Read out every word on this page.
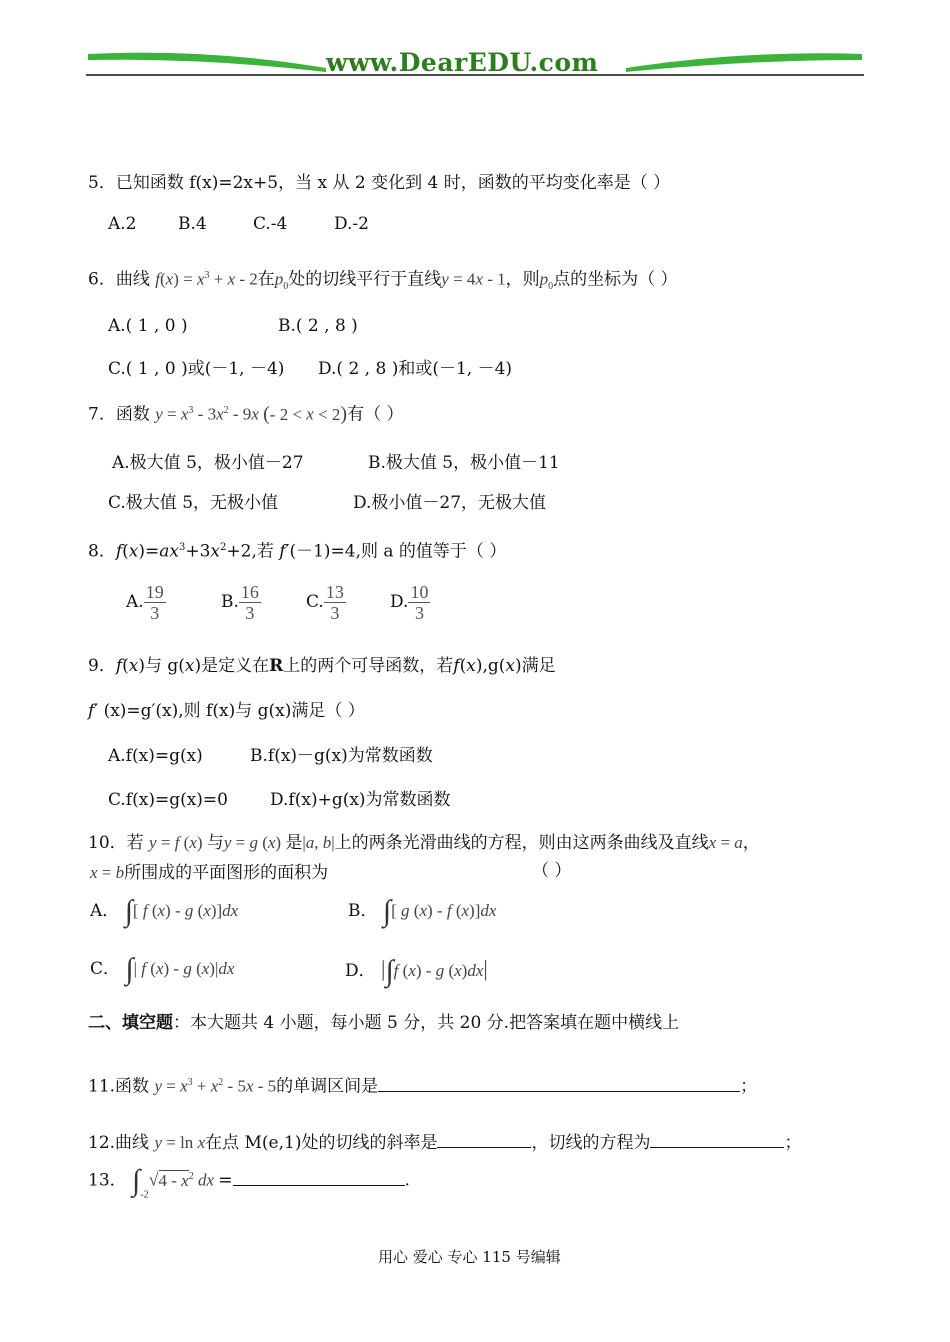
www.DearEDU.com
5．已知函数 f(x)=2x+5，当 x 从 2 变化到 4 时，函数的平均变化率是（ ）
A.2 B.4	C.-4	D.-2
6．曲线 $f(x) = x^3 + x - 2$在$p_0$处的切线平行于直线y = 4x - 1，则$p_0$点的坐标为（ ）
A.( 1 , 0 )	B.( 2 , 8 )
C.( 1 , 0 )或(－1, －4) D.( 2 , 8 )和或(－1, －4)
7．函数 $y = x^3 - 3x^2 - 9x$ (- 2 < x < 2)有（ ）
A.极大值 5，极小值－27	B.极大值 5，极小值－11
C.极大值 5，无极小值	D.极小值－27，无极大值
8．$f(x)=ax^3+3x^2+2$,若 f′(－1)=4,则 a 的值等于（ ）
A. $\frac{19}{3}$	B. $\frac{16}{3}$	C. $\frac{13}{3}$	D. $\frac{10}{3}$
9．f(x)与 g(x)是定义在R上的两个可导函数，若f(x),g(x)满足
f′ (x)=g′(x),则 f(x)与 g(x)满足（ ）
A.f(x)=g(x)	B.f(x)－g(x)为常数函数
C.f(x)=g(x)=0 D.f(x)+g(x)为常数函数
10．若 y = f (x) 与y = g (x) 是|a, b|上的两条光滑曲线的方程，则由这两条曲线及直线x = a，
x = b所围成的平面图形的面积为	（ ）
A． ∫[ f (x) - g (x)]dx	B． ∫[ g (x) - f (x)]dx
C． ∫| f (x) - g (x)|dx	D． |∫f (x) - g (x)dx|
二、填空题：本大题共 4 小题，每小题 5 分，共 20 分.把答案填在题中横线上
11.函数 $y = x^3 + x^2 - 5x - 5$的单调区间是	；
12.曲线 y = ln x在点 M(e,1)处的切线的斜率是	，切线的方程为	；
13． $\int_{-2}√4 - x^2$ dx =	.
用心 爱心 专心 115 号编辑
